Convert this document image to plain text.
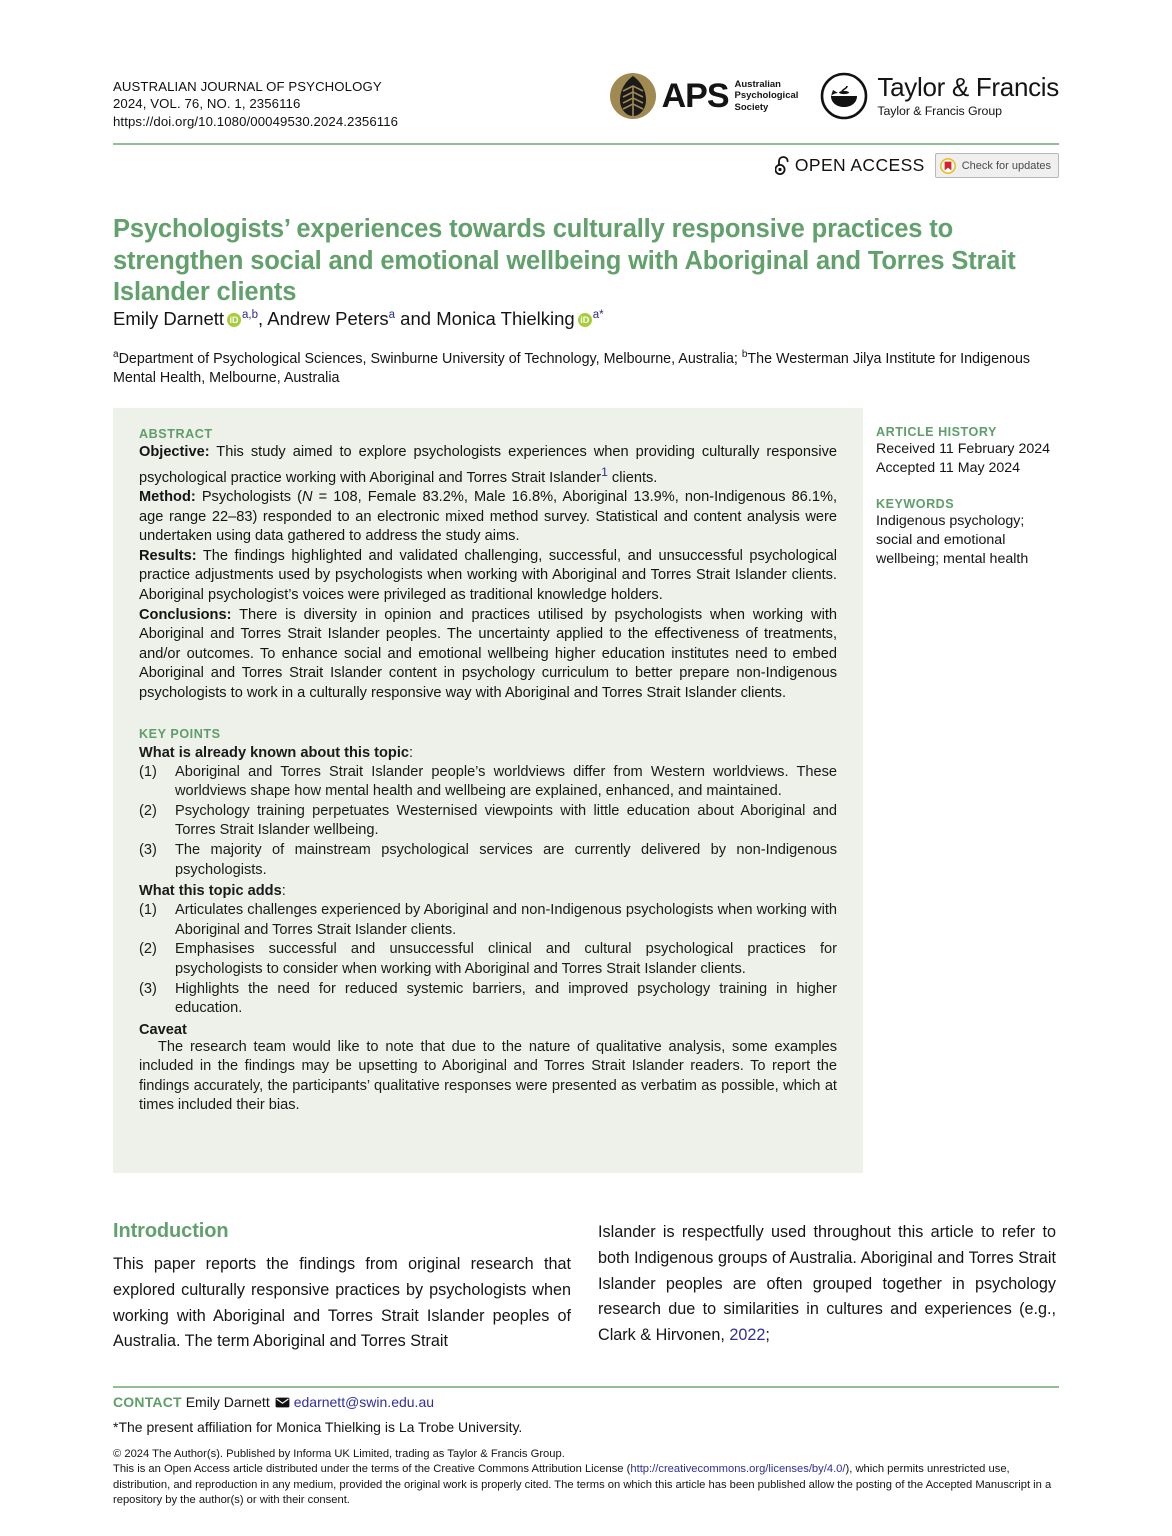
AUSTRALIAN JOURNAL OF PSYCHOLOGY
2024, VOL. 76, NO. 1, 2356116
https://doi.org/10.1080/00049530.2024.2356116
APS Australian
Psychological
Society
Taylor & Francis
Taylor & Francis Group
OPEN ACCESS	Check for updates
Psychologists’ experiences towards culturally responsive practices to strengthen social and emotional wellbeing with Aboriginal and Torres Strait Islander clients
Emily Darnett iD $^{a,b}$, Andrew Peters$^a$ and Monica Thielking iD $^{a*}$
$^a$Department of Psychological Sciences, Swinburne University of Technology, Melbourne, Australia; $^b$The Westerman Jilya Institute for Indigenous Mental Health, Melbourne, Australia
ABSTRACT

Objective: This study aimed to explore psychologists experiences when providing culturally responsive psychological practice working with Aboriginal and Torres Strait Islander$^1$ clients.

Method: Psychologists (N = 108, Female 83.2%, Male 16.8%, Aboriginal 13.9%, non-Indigenous 86.1%, age range 22–83) responded to an electronic mixed method survey. Statistical and content analysis were undertaken using data gathered to address the study aims.

Results: The findings highlighted and validated challenging, successful, and unsuccessful psychological practice adjustments used by psychologists when working with Aboriginal and Torres Strait Islander clients. Aboriginal psychologist’s voices were privileged as traditional knowledge holders.

Conclusions: There is diversity in opinion and practices utilised by psychologists when working with Aboriginal and Torres Strait Islander peoples. The uncertainty applied to the effectiveness of treatments, and/or outcomes. To enhance social and emotional wellbeing higher education institutes need to embed Aboriginal and Torres Strait Islander content in psychology curriculum to better prepare non-Indigenous psychologists to work in a culturally responsive way with Aboriginal and Torres Strait Islander clients.

KEY POINTS
What is already known about this topic:
(1)	Aboriginal and Torres Strait Islander people’s worldviews differ from Western worldviews. These worldviews shape how mental health and wellbeing are explained, enhanced, and maintained.
(2)	Psychology training perpetuates Westernised viewpoints with little education about Aboriginal and Torres Strait Islander wellbeing.
(3)	The majority of mainstream psychological services are currently delivered by non-Indigenous psychologists.
What this topic adds:
(1)	Articulates challenges experienced by Aboriginal and non-Indigenous psychologists when working with Aboriginal and Torres Strait Islander clients.
(2)	Emphasises successful and unsuccessful clinical and cultural psychological practices for psychologists to consider when working with Aboriginal and Torres Strait Islander clients.
(3)	Highlights the need for reduced systemic barriers, and improved psychology training in higher education.
Caveat
The research team would like to note that due to the nature of qualitative analysis, some examples included in the findings may be upsetting to Aboriginal and Torres Strait Islander readers. To report the findings accurately, the participants’ qualitative responses were presented as verbatim as possible, which at times included their bias.
ARTICLE HISTORY
Received 11 February 2024
Accepted 11 May 2024
KEYWORDS
Indigenous psychology; social and emotional wellbeing; mental health
Introduction
This paper reports the findings from original research that explored culturally responsive practices by psychologists when working with Aboriginal and Torres Strait Islander peoples of Australia. The term Aboriginal and Torres Strait
Islander is respectfully used throughout this article to refer to both Indigenous groups of Australia. Aboriginal and Torres Strait Islander peoples are often grouped together in psychology research due to similarities in cultures and experiences (e.g., Clark & Hirvonen, 2022;
CONTACT Emily Darnett edarnett@swin.edu.au
*The present affiliation for Monica Thielking is La Trobe University.

© 2024 The Author(s). Published by Informa UK Limited, trading as Taylor & Francis Group.

This is an Open Access article distributed under the terms of the Creative Commons Attribution License (http://creativecommons.org/licenses/by/4.0/), which permits unrestricted use, distribution, and reproduction in any medium, provided the original work is properly cited. The terms on which this article has been published allow the posting of the Accepted Manuscript in a repository by the author(s) or with their consent.
